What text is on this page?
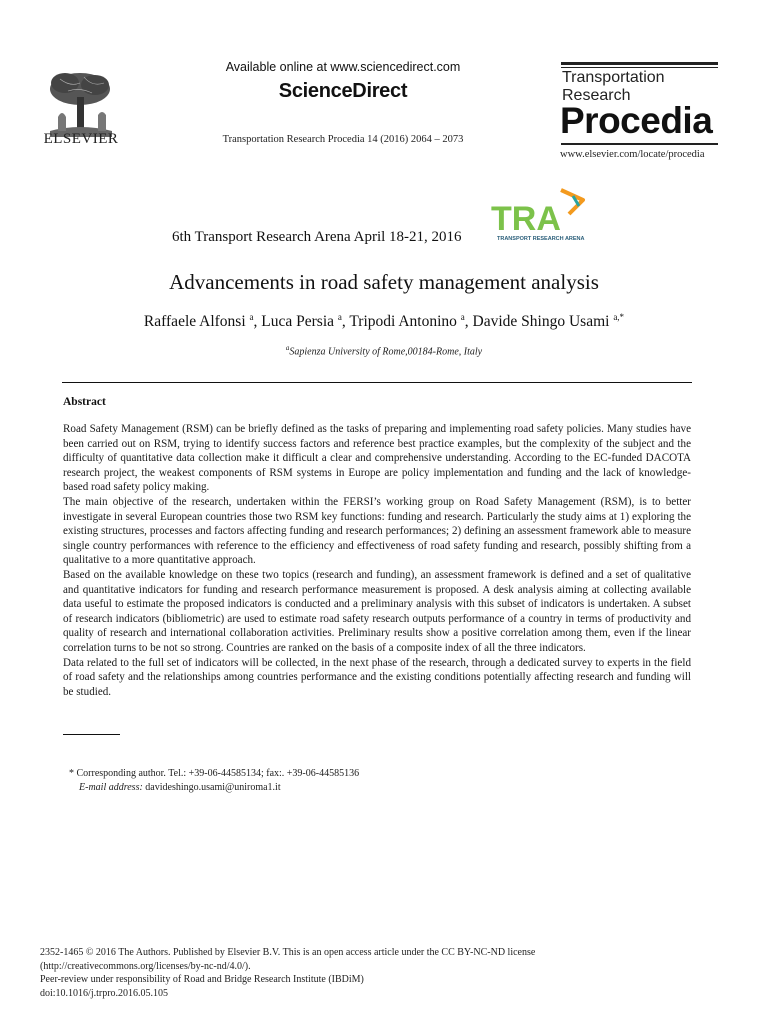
ELSEVIER
Available online at www.sciencedirect.com
ScienceDirect
Transportation Research Procedia 14 (2016) 2064 – 2073
Transportation
Research
Procedia
www.elsevier.com/locate/procedia
6th Transport Research Arena April 18-21, 2016 TRA
TRANSPORT RESEARCH ARENA
Advancements in road safety management analysis
Raffaele Alfonsi $^a$, Luca Persia $^a$, Tripodi Antonino $^a$, Davide Shingo Usami $^{a,*}$
$^a$Sapienza University of Rome,00184-Rome, Italy
Abstract

Road Safety Management (RSM) can be briefly defined as the tasks of preparing and implementing road safety policies. Many studies have been carried out on RSM, trying to identify success factors and reference best practice examples, but the complexity of the subject and the difficulty of quantitative data collection make it difficult a clear and comprehensive understanding. According to the EC-funded DACOTA research project, the weakest components of RSM systems in Europe are policy implementation and funding and the lack of knowledge-based road safety policy making.

The main objective of the research, undertaken within the FERSI’s working group on Road Safety Management (RSM), is to better investigate in several European countries those two RSM key functions: funding and research. Particularly the study aims at 1) exploring the existing structures, processes and factors affecting funding and research performances; 2) defining an assessment framework able to measure single country performances with reference to the efficiency and effectiveness of road safety funding and research, possibly shifting from a qualitative to a more quantitative approach.

Based on the available knowledge on these two topics (research and funding), an assessment framework is defined and a set of qualitative and quantitative indicators for funding and research performance measurement is proposed. A desk analysis aiming at collecting available data useful to estimate the proposed indicators is conducted and a preliminary analysis with this subset of indicators is undertaken. A subset of research indicators (bibliometric) are used to estimate road safety research outputs performance of a country in terms of productivity and quality of research and international collaboration activities. Preliminary results show a positive correlation among them, even if the linear correlation turns to be not so strong. Countries are ranked on the basis of a composite index of all the three indicators.

Data related to the full set of indicators will be collected, in the next phase of the research, through a dedicated survey to experts in the field of road safety and the relationships among countries performance and the existing conditions potentially affecting research and funding will be studied.

* Corresponding author. Tel.: +39-06-44585134; fax:. +39-06-44585136
E-mail address: davideshingo.usami@uniroma1.it
2352-1465 © 2016 The Authors. Published by Elsevier B.V. This is an open access article under the CC BY-NC-ND license
(http://creativecommons.org/licenses/by-nc-nd/4.0/).
Peer-review under responsibility of Road and Bridge Research Institute (IBDiM)
doi:10.1016/j.trpro.2016.05.105
